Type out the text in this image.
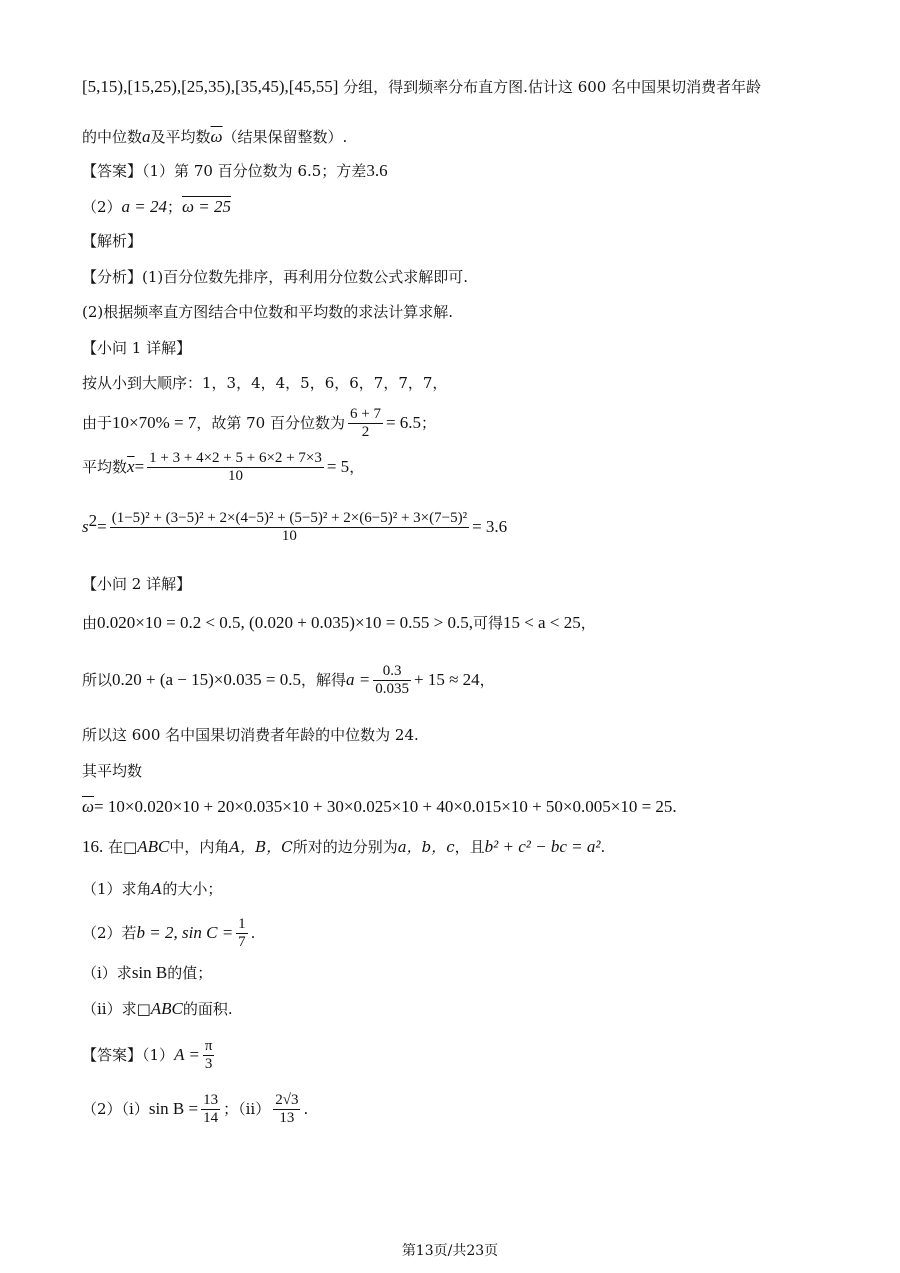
[5,15),[15,25),[25,35),[35,45),[45,55] 分组，得到频率分布直方图.估计这 600 名中国果切消费者年龄
的中位数a及平均数$\overline{\omega}$（结果保留整数）.
【答案】（1）第 70 百分位数为 6.5；方差3.6
（2）a = 24；ω = 25
【解析】
【分析】(1)百分位数先排序，再利用分位数公式求解即可.
(2)根据频率直方图结合中位数和平均数的求法计算求解.
【小问 1 详解】
按从小到大顺序：1，3，4，4，5，6，6，7，7，7，
由于10×70% = 7，故第 70 百分位数为 $\frac{6 + 7}{2} = 6.5$；
平均数$\overline{x}= \frac{1 + 3 + 4\times 2 + 5 + 6\times 2 + 7\times 3}{10} = 5$，
$s^2= \frac{\text{(1−5)² + (3−5)² + 2×(4−5)² + (5−5)² + 2×(6−5)² + 3×(7−5)²}}{10} = 3.6$
【小问 2 详解】
由0.020×10 = 0.2 < 0.5, (0.020 + 0.035)×10 = 0.55 > 0.5,可得15 < a < 25，
所以0.20 + (a − 15)×0.035 = 0.5，解得$a = \frac{0.3}{0.035} + 15 \approx 24$，
所以这 600 名中国果切消费者年龄的中位数为 24.
其平均数
$\overline{\omega}= 10\times 0.020\times 10 + 20\times 0.035\times 10 + 30\times 0.025\times 10 + 40\times 0.015\times 10 + 50\times 0.005\times 10 = 25$.
16. 在□ABC中，内角A，B，C所对的边分别为a，b，c，且b² + c² − bc = a².
（1）求角A的大小；
（2）若b = 2, $\sin C = \frac{1}{7}$ .
（i）求sin B的值；
（ii）求□ABC的面积.
【答案】$(1)A = \frac{\pi}{3}$
（2）（i）sin $B = \frac{13}{14}$ ；$(ii) \frac{2√3}{13}$ .
第13页/共23页
